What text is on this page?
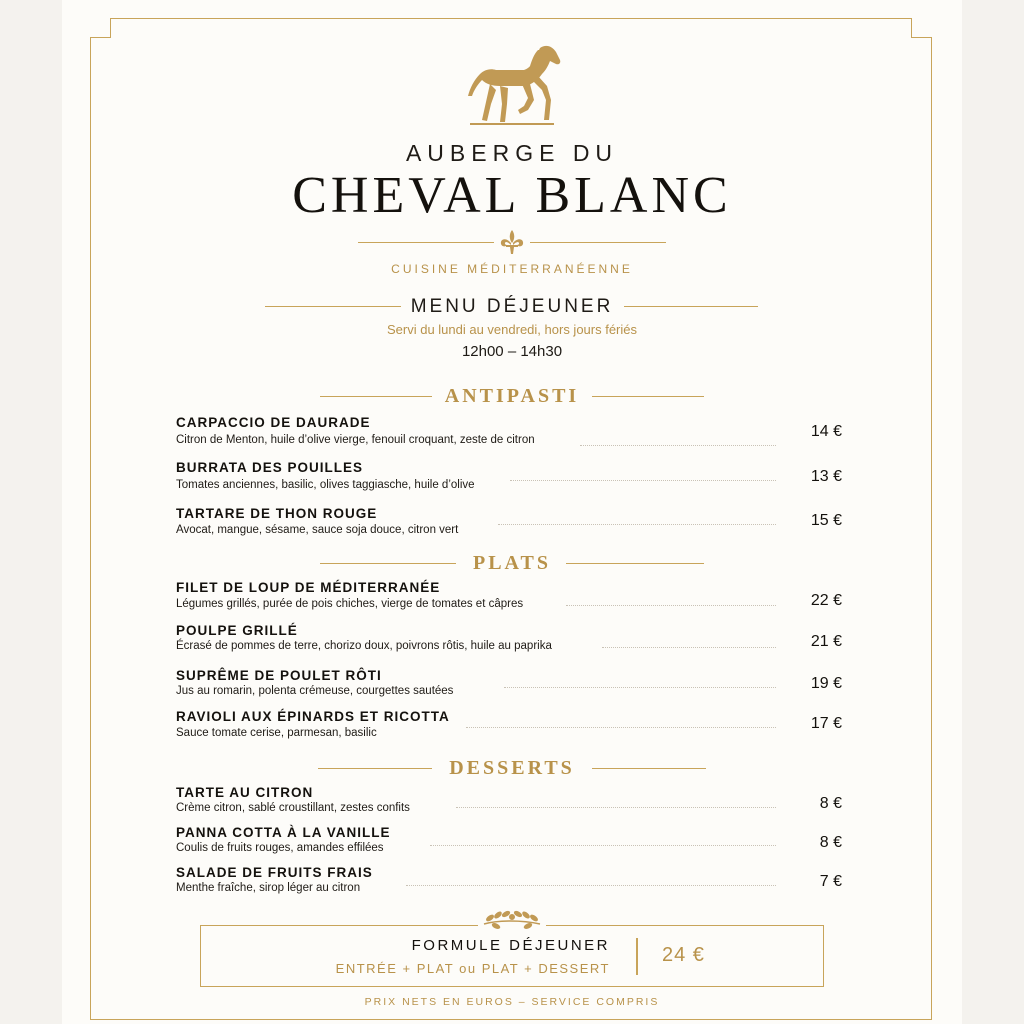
AUBERGE DU
CHEVAL BLANC
CUISINE MÉDITERRANÉENNE
MENU DÉJEUNER
Servi du lundi au vendredi, hors jours fériés
12h00 – 14h30
ANTIPASTI
CARPACCIO DE DAURADE
Citron de Menton, huile d’olive vierge, fenouil croquant, zeste de citron	14 €
BURRATA DES POUILLES
Tomates anciennes, basilic, olives taggiasche, huile d’olive	13 €
TARTARE DE THON ROUGE
Avocat, mangue, sésame, sauce soja douce, citron vert
15 €
PLATS
FILET DE LOUP DE MÉDITERRANÉE
Légumes grillés, purée de pois chiches, vierge de tomates et câpres	22 €
POULPE GRILLÉ
Écrasé de pommes de terre, chorizo doux, poivrons rôtis, huile au paprika	21 €
SUPRÊME DE POULET RÔTI
Jus au romarin, polenta crémeuse, courgettes sautées	19 €
RAVIOLI AUX ÉPINARDS ET RICOTTA
Sauce tomate cerise, parmesan, basilic
17 €
DESSERTS
TARTE AU CITRON
Crème citron, sablé croustillant, zestes confits	8 €
PANNA COTTA À LA VANILLE
Coulis de fruits rouges, amandes effilées	8 €
SALADE DE FRUITS FRAIS
Menthe fraîche, sirop léger au citron	7 €
FORMULE DÉJEUNER
ENTRÉE + PLAT ou PLAT + DESSERT
24 €
PRIX NETS EN EUROS – SERVICE COMPRIS
